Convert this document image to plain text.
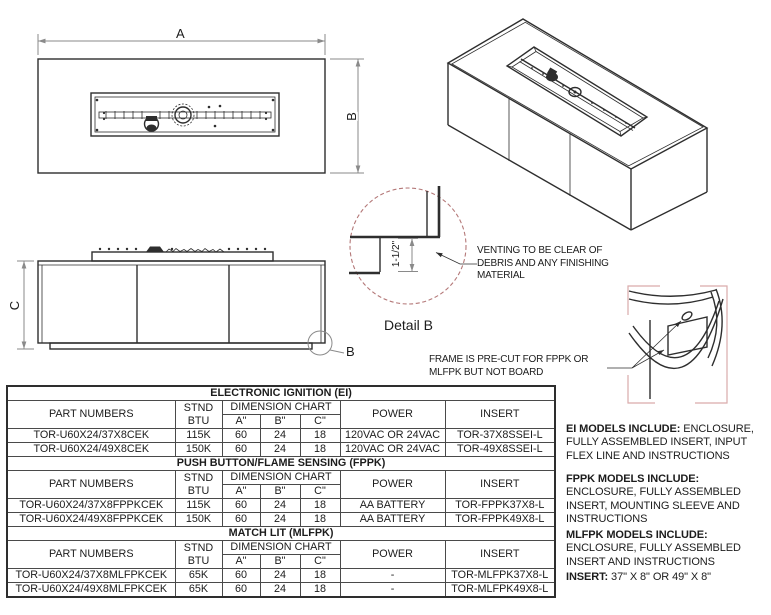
A
B
C
B
1-1/2"
Detail B
VENTING TO BE CLEAR OF DEBRIS AND ANY FINISHING MATERIAL
FRAME IS PRE-CUT FOR FPPK OR MLFPK BUT NOT BOARD
ELECTRONIC IGNITION (EI)						
PART NUMBERS	STND
BTU	DIMENSION CHART			POWER	INSERT
		A"	B"	C"		
TOR-U60X24/37X8CEK	115K	60	24	18	120VAC OR 24VAC	TOR-37X8SSEI-L
TOR-U60X24/49X8CEK	150K	60	24	18	120VAC OR 24VAC	TOR-49X8SSEI-L
PUSH BUTTON/FLAME SENSING (FPPK)						
PART NUMBERS	STND
BTU	DIMENSION CHART			POWER	INSERT
		A"	B"	C"		
TOR-U60X24/37X8FPPKCEK	115K	60	24	18	AA BATTERY	TOR-FPPK37X8-L
TOR-U60X24/49X8FPPKCEK	150K	60	24	18	AA BATTERY	TOR-FPPK49X8-L
MATCH LIT (MLFPK)						
PART NUMBERS	STND
BTU	DIMENSION CHART			POWER	INSERT
		A"	B"	C"		
TOR-U60X24/37X8MLFPKCEK	65K	60	24	18	-	TOR-MLFPK37X8-L
TOR-U60X24/49X8MLFPKCEK	65K	60	24	18	-	TOR-MLFPK49X8-L
EI MODELS INCLUDE: ENCLOSURE, FULLY ASSEMBLED INSERT, INPUT FLEX LINE AND INSTRUCTIONS
FPPK MODELS INCLUDE: ENCLOSURE, FULLY ASSEMBLED INSERT, MOUNTING SLEEVE AND INSTRUCTIONS
MLFPK MODELS INCLUDE: ENCLOSURE, FULLY ASSEMBLED INSERT AND INSTRUCTIONS
INSERT: 37" X 8" OR 49" X 8"
